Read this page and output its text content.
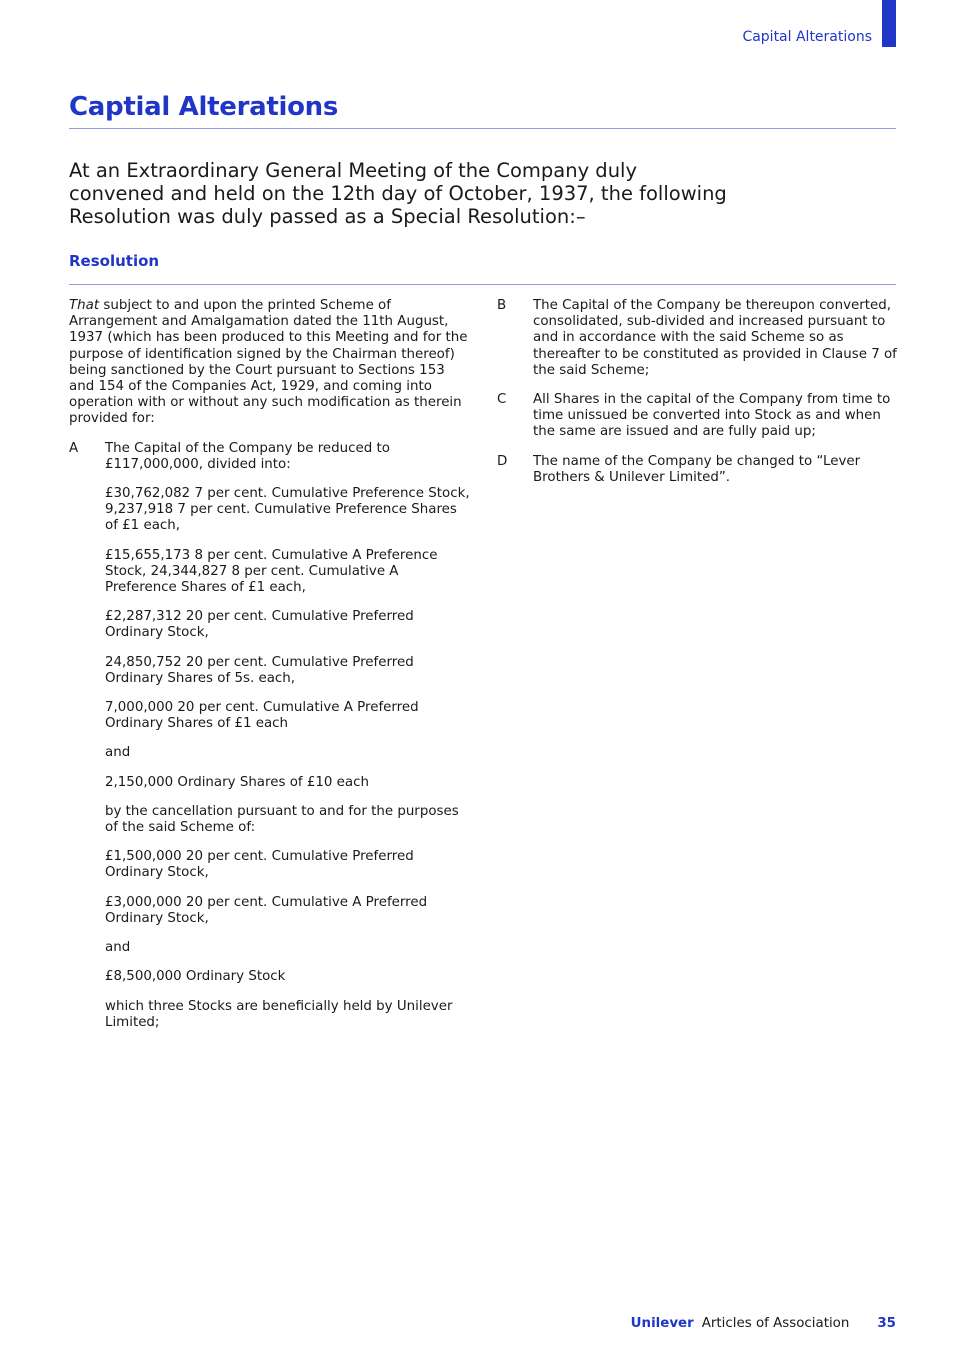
Capital Alterations
Captial Alterations

At an Extraordinary General Meeting of the Company duly convened and held on the 12th day of October, 1937, the following Resolution was duly passed as a Special Resolution:–

Resolution

That subject to and upon the printed Scheme of Arrangement and Amalgamation dated the 11th August, 1937 (which has been produced to this Meeting and for the purpose of identification signed by the Chairman thereof) being sanctioned by the Court pursuant to Sections 153 and 154 of the Companies Act, 1929, and coming into operation with or without any such modification as therein provided for:

A	The Capital of the Company be reduced to £117,000,000, divided into:

£30,762,082 7 per cent. Cumulative Preference Stock, 9,237,918 7 per cent. Cumulative Preference Shares of £1 each,

£15,655,173 8 per cent. Cumulative A Preference Stock, 24,344,827 8 per cent. Cumulative A Preference Shares of £1 each,

£2,287,312 20 per cent. Cumulative Preferred Ordinary Stock,

24,850,752 20 per cent. Cumulative Preferred Ordinary Shares of 5s. each,

7,000,000 20 per cent. Cumulative A Preferred Ordinary Shares of £1 each

and

2,150,000 Ordinary Shares of £10 each

by the cancellation pursuant to and for the purposes of the said Scheme of:

£1,500,000 20 per cent. Cumulative Preferred Ordinary Stock,

£3,000,000 20 per cent. Cumulative A Preferred Ordinary Stock,

and

£8,500,000 Ordinary Stock

which three Stocks are beneficially held by Unilever Limited;

B	The Capital of the Company be thereupon converted, consolidated, sub-divided and increased pursuant to and in accordance with the said Scheme so as thereafter to be constituted as provided in Clause 7 of the said Scheme;
C	All Shares in the capital of the Company from time to time unissued be converted into Stock as and when the same are issued and are fully paid up;
D	The name of the Company be changed to “Lever Brothers & Unilever Limited”.
Unilever Articles of Association 35
